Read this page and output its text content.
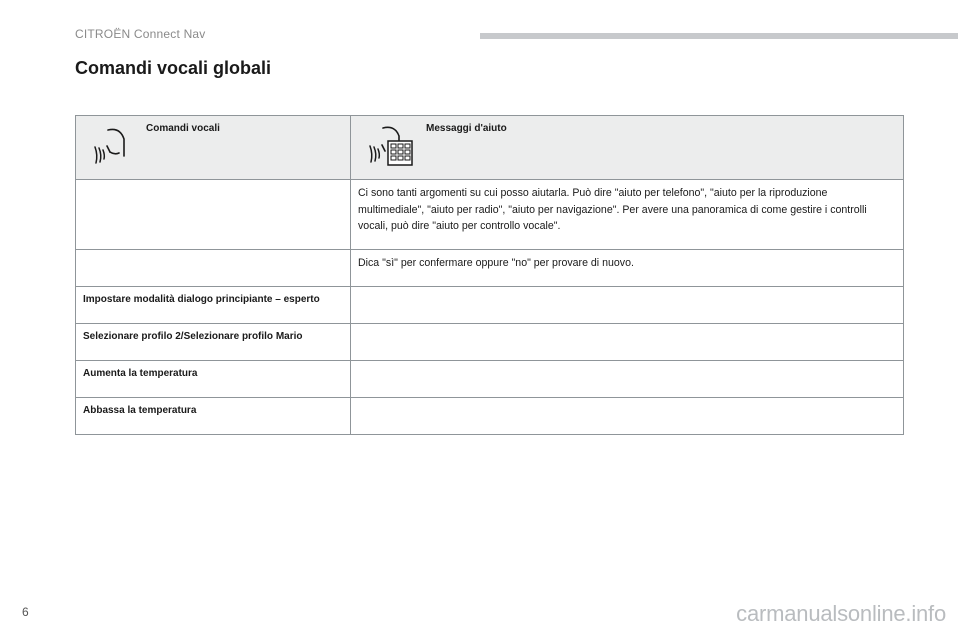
CITROËN Connect Nav
Comandi vocali globali
Comandi vocali	Messaggi d'aiuto

	Ci sono tanti argomenti su cui posso aiutarla. Può dire "aiuto per telefono", "aiuto per la riproduzione multimediale", "aiuto per radio", "aiuto per navigazione". Per avere una panoramica di come gestire i controlli vocali, può dire "aiuto per controllo vocale".
	Dica "sì" per confermare oppure "no" per provare di nuovo.
Impostare modalità dialogo principiante – esperto	
Selezionare profilo 2/Selezionare profilo Mario	
Aumenta la temperatura	
Abbassa la temperatura	
6	carmanualsonline.info
